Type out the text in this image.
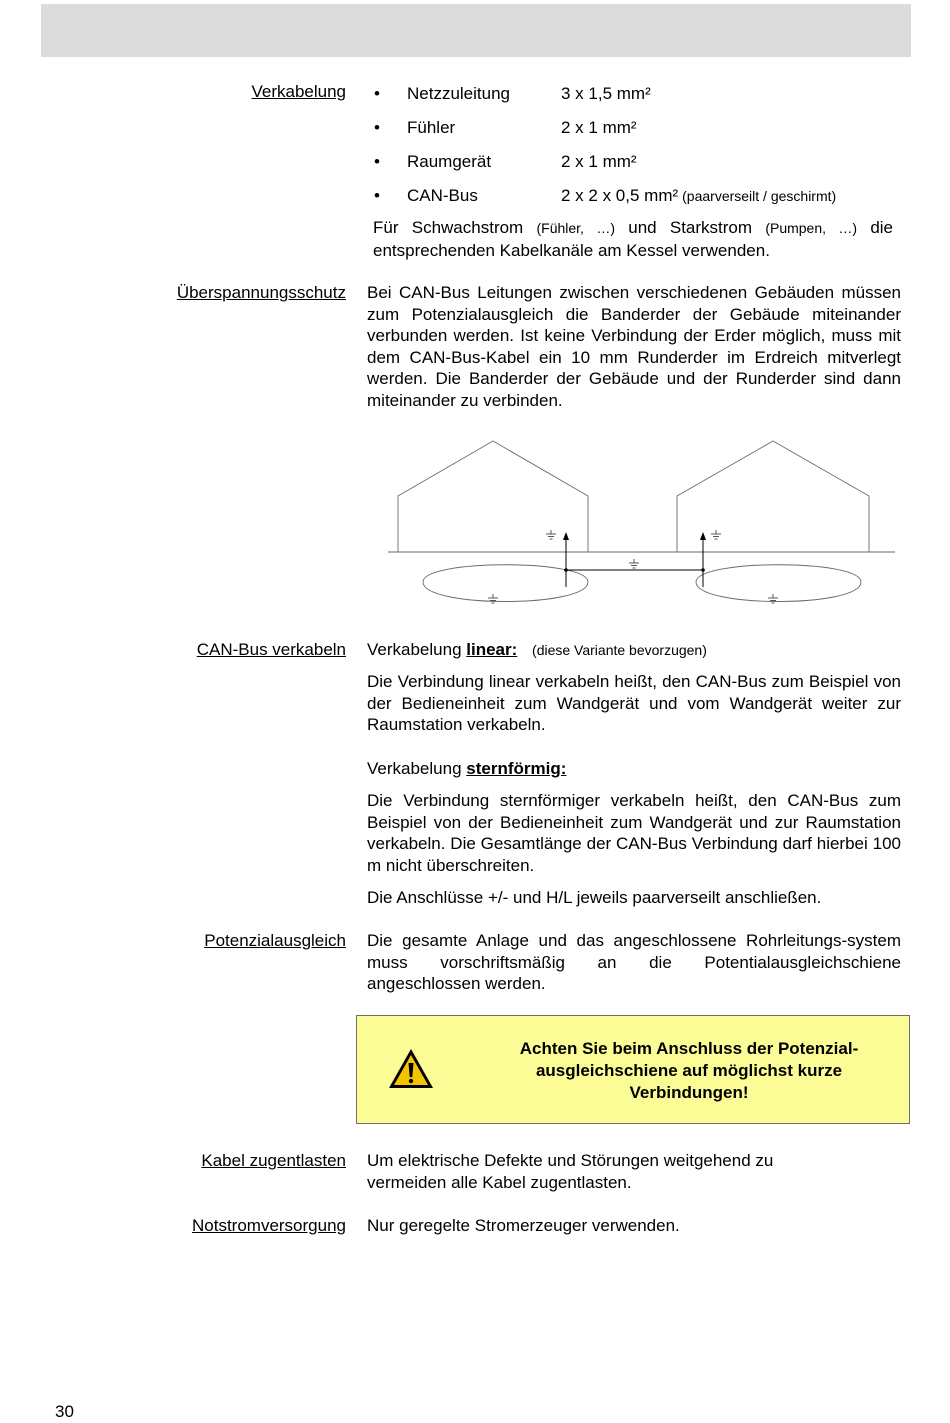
Verkabelung • Netzzuleitung	3 x 1,5 mm²
• Fühler	2 x 1 mm²
• Raumgerät	2 x 1 mm²
• CAN-Bus	2 x 2 x 0,5 mm² (paarverseilt / geschirmt)
Für Schwachstrom (Fühler, …) und Starkstrom (Pumpen, …) die entsprechenden Kabelkanäle am Kessel verwenden.
Überspannungsschutz Bei CAN-Bus Leitungen zwischen verschiedenen Gebäuden müssen zum Potenzialausgleich die Banderder der Gebäude miteinander verbunden werden. Ist keine Verbindung der Erder möglich, muss mit dem CAN-Bus-Kabel ein 10 mm Runderder im Erdreich mitverlegt werden. Die Banderder der Gebäude und der Runderder sind dann miteinander zu verbinden.
CAN-Bus verkabeln Verkabelung linear: (diese Variante bevorzugen)
Die Verbindung linear verkabeln heißt, den CAN-Bus zum Beispiel von der Bedieneinheit zum Wandgerät und vom Wandgerät weiter zur Raumstation verkabeln.
Verkabelung sternförmig:
Die Verbindung sternförmiger verkabeln heißt, den CAN-Bus zum Beispiel von der Bedieneinheit zum Wandgerät und zur Raumstation verkabeln. Die Gesamtlänge der CAN-Bus Verbindung darf hierbei 100 m nicht überschreiten.
Die Anschlüsse +/- und H/L jeweils paarverseilt anschließen.
Potenzialausgleich Die gesamte Anlage und das angeschlossene Rohrleitungs-system muss vorschriftsmäßig an die Potentialausgleichschiene angeschlossen werden.
Achten Sie beim Anschluss der Potenzial-
ausgleichschiene auf möglichst kurze
Verbindungen!
Kabel zugentlasten Um elektrische Defekte und Störungen weitgehend zu vermeiden alle Kabel zugentlasten.
Notstromversorgung Nur geregelte Stromerzeuger verwenden.
30
